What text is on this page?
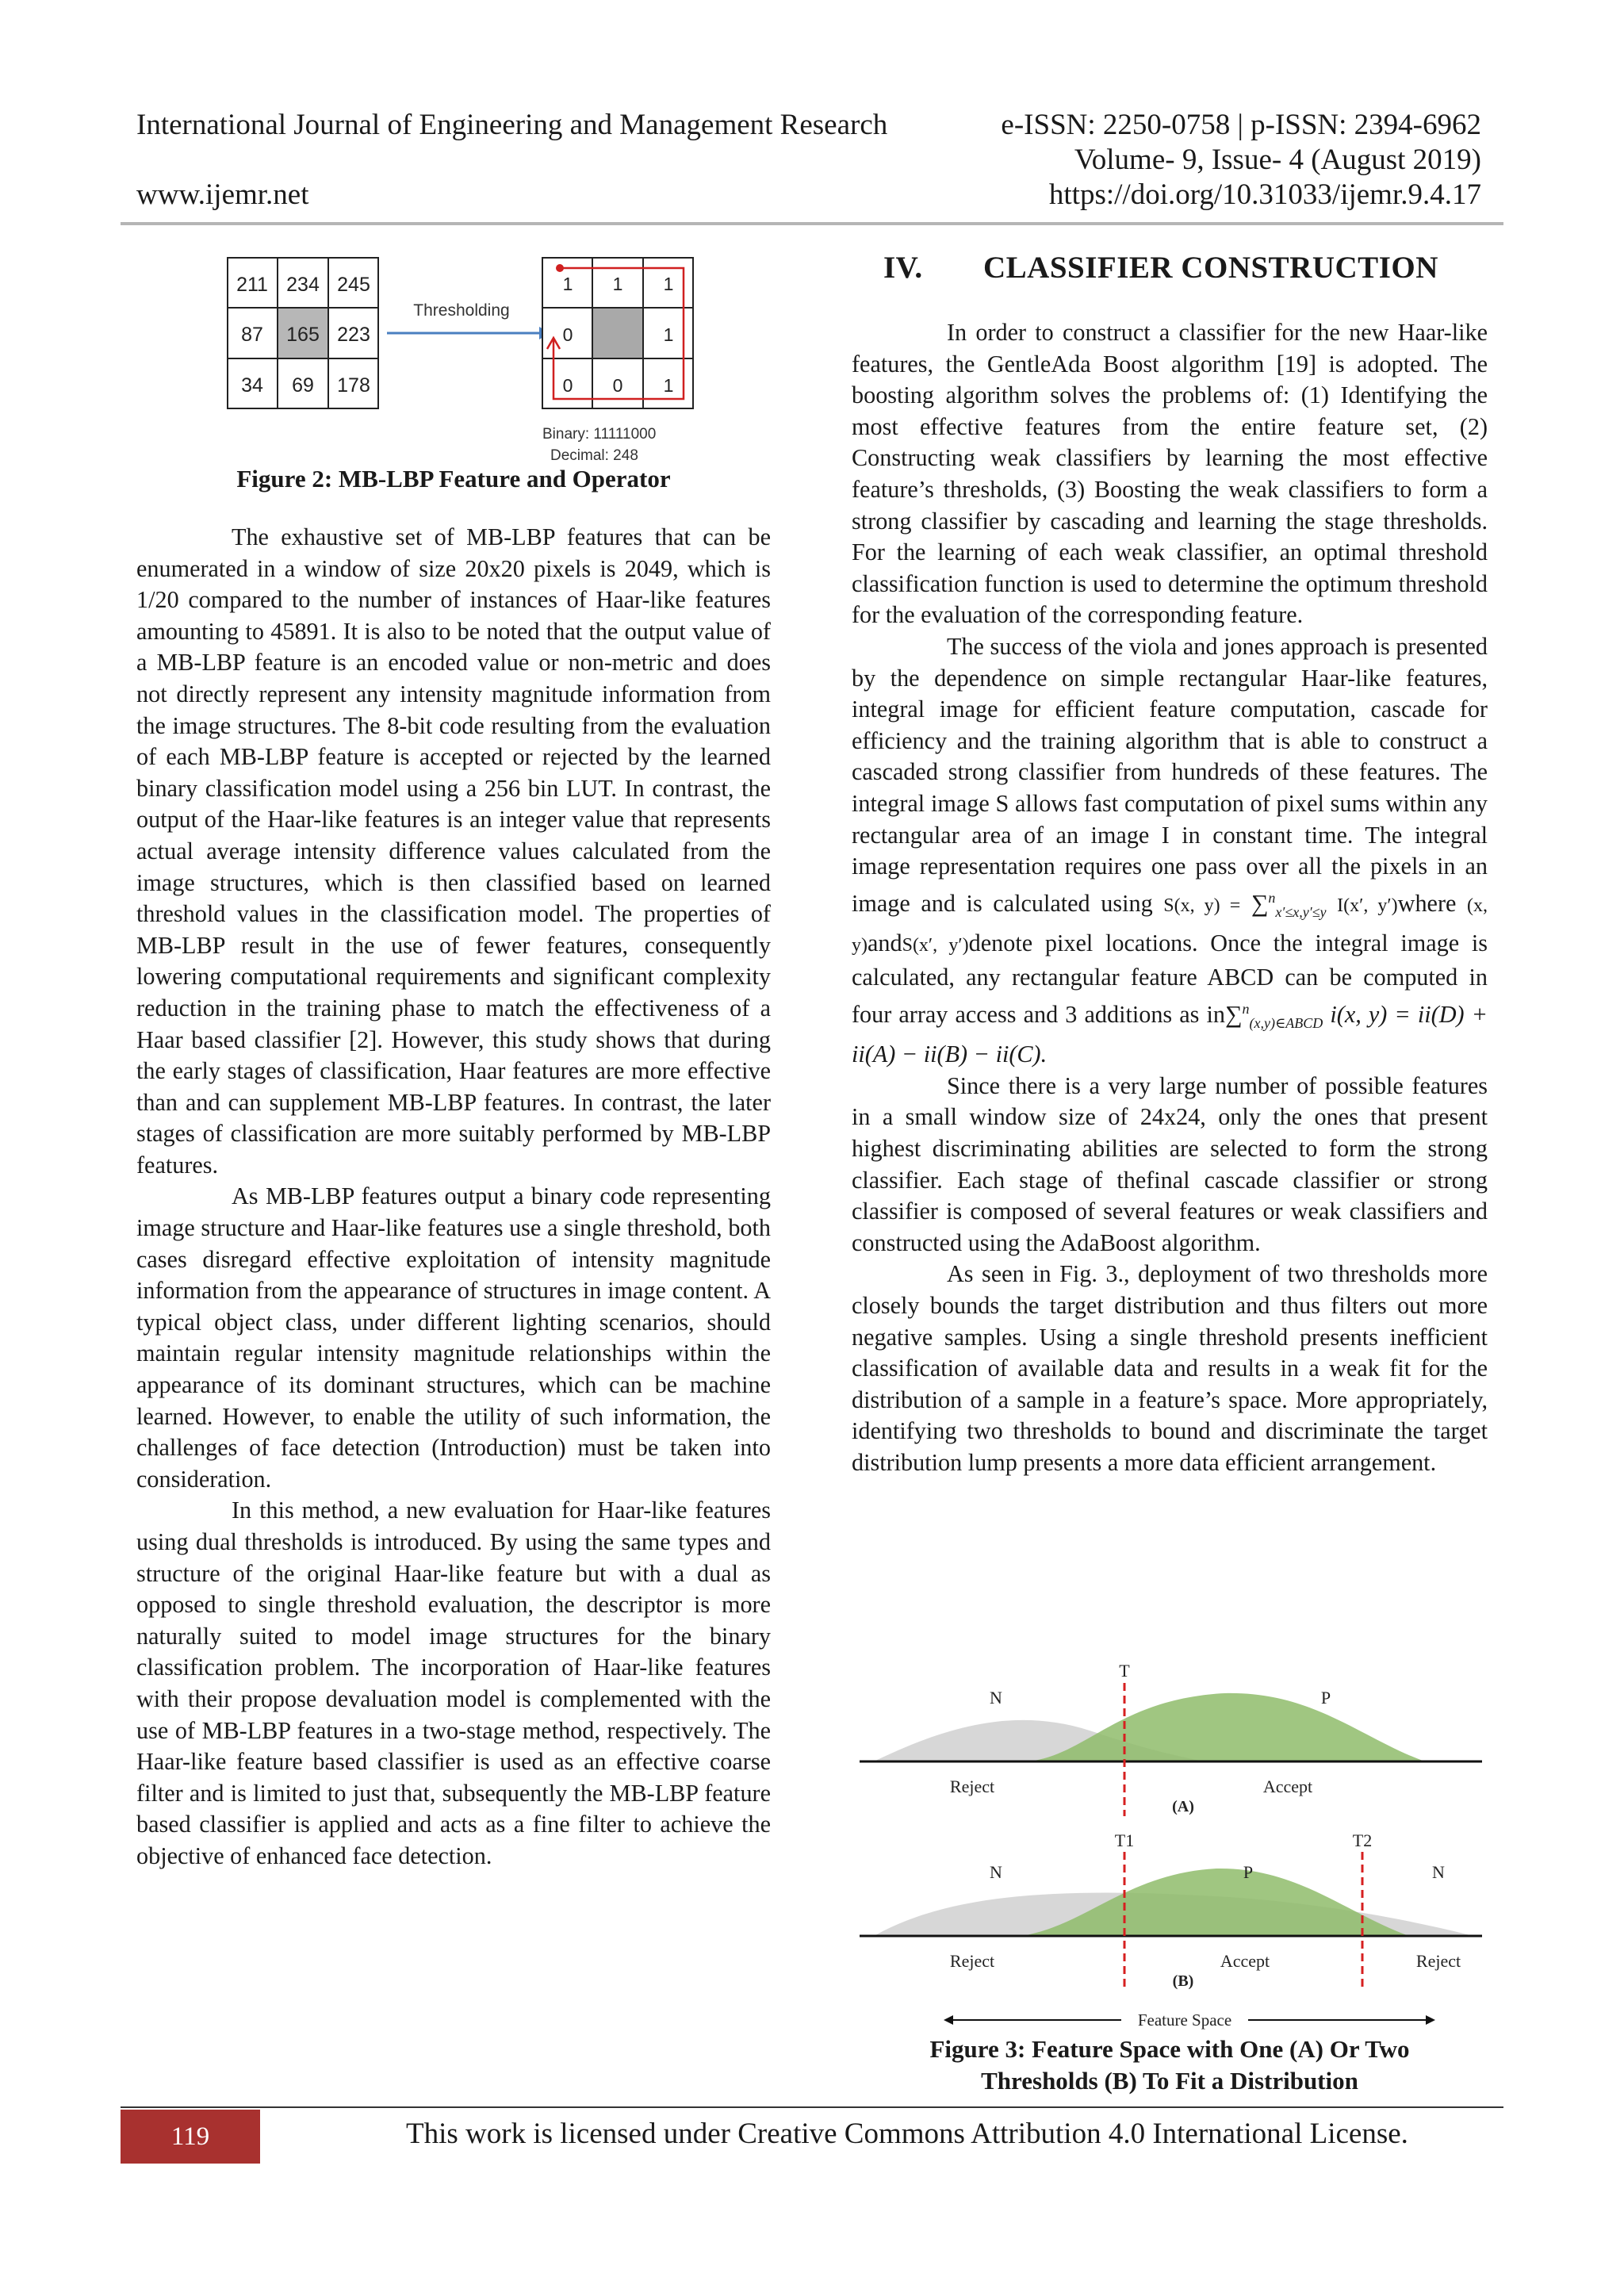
International Journal of Engineering and Management Research	e-ISSN: 2250-0758 | p-ISSN: 2394-6962
Volume- 9, Issue- 4 (August 2019)
www.ijemr.net	https://doi.org/10.31033/ijemr.9.4.17
211 234 245
87 165 223
34 69 178
Thresholding
1 1 1
0	1
0 0 1
Binary: 11111000
Decimal: 248
Figure 2: MB-LBP Feature and Operator

The exhaustive set of MB-LBP features that can be enumerated in a window of size 20x20 pixels is 2049, which is 1/20 compared to the number of instances of Haar-like features amounting to 45891. It is also to be noted that the output value of a MB-LBP feature is an encoded value or non-metric and does not directly represent any intensity magnitude information from the image structures. The 8-bit code resulting from the evaluation of each MB-LBP feature is accepted or rejected by the learned binary classification model using a 256 bin LUT. In contrast, the output of the Haar-like features is an integer value that represents actual average intensity difference values calculated from the image structures, which is then classified based on learned threshold values in the classification model. The properties of MB-LBP result in the use of fewer features, consequently lowering computational requirements and significant complexity reduction in the training phase to match the effectiveness of a Haar based classifier [2]. However, this study shows that during the early stages of classification, Haar features are more effective than and can supplement MB-LBP features. In contrast, the later stages of classification are more suitably performed by MB-LBP features.

As MB-LBP features output a binary code representing image structure and Haar-like features use a single threshold, both cases disregard effective exploitation of intensity magnitude information from the appearance of structures in image content. A typical object class, under different lighting scenarios, should maintain regular intensity magnitude relationships within the appearance of its dominant structures, which can be machine learned. However, to enable the utility of such information, the challenges of face detection (Introduction) must be taken into consideration.

In this method, a new evaluation for Haar-like features using dual thresholds is introduced. By using the same types and structure of the original Haar-like feature but with a dual as opposed to single threshold evaluation, the descriptor is more naturally suited to model image structures for the binary classification problem. The incorporation of Haar-like features with their propose devaluation model is complemented with the use of MB-LBP features in a two-stage method, respectively. The Haar-like feature based classifier is used as an effective coarse filter and is limited to just that, subsequently the MB-LBP feature based classifier is applied and acts as a fine filter to achieve the objective of enhanced face detection.

IV. CLASSIFIER CONSTRUCTION

In order to construct a classifier for the new Haar-like features, the GentleAda Boost algorithm [19] is adopted. The boosting algorithm solves the problems of: (1) Identifying the most effective features from the entire feature set, (2) Constructing weak classifiers by learning the most effective feature’s thresholds, (3) Boosting the weak classifiers to form a strong classifier by cascading and learning the stage thresholds. For the learning of each weak classifier, an optimal threshold classification function is used to determine the optimum threshold for the evaluation of the corresponding feature.

The success of the viola and jones approach is presented by the dependence on simple rectangular Haar-like features, integral image for efficient feature computation, cascade for efficiency and the training algorithm that is able to construct a cascaded strong classifier from hundreds of these features. The integral image S allows fast computation of pixel sums within any rectangular area of an image I in constant time. The integral image representation requires one pass over all the pixels in an image and is calculated using S(x, y) = ∑$^n_{x'\le x,y'\le y}$ I(x′, y′)where (x, y)andS(x′, y′)denote pixel locations. Once the integral image is calculated, any rectangular feature ABCD can be computed in four array access and 3 additions as in∑$^n_{(x,y)\in ABCD}$ i(x, y) = ii(D) + ii(A) − ii(B) − ii(C).

Since there is a very large number of possible features in a small window size of 24x24, only the ones that present highest discriminating abilities are selected to form the strong classifier. Each stage of thefinal cascade classifier or strong classifier is composed of several features or weak classifiers and constructed using the AdaBoost algorithm.

As seen in Fig. 3., deployment of two thresholds more closely bounds the target distribution and thus filters out more negative samples. Using a single threshold presents inefficient classification of available data and results in a weak fit for the distribution of a sample in a feature’s space. More appropriately, identifying two thresholds to bound and discriminate the target distribution lump presents a more data efficient arrangement.

T
N	P
Reject	Accept
(A)
T1	T2
N	P	N
Reject	Accept	Reject
(B)
Feature Space
Figure 3: Feature Space with One (A) Or Two
Thresholds (B) To Fit a Distribution
119	This work is licensed under Creative Commons Attribution 4.0 International License.
